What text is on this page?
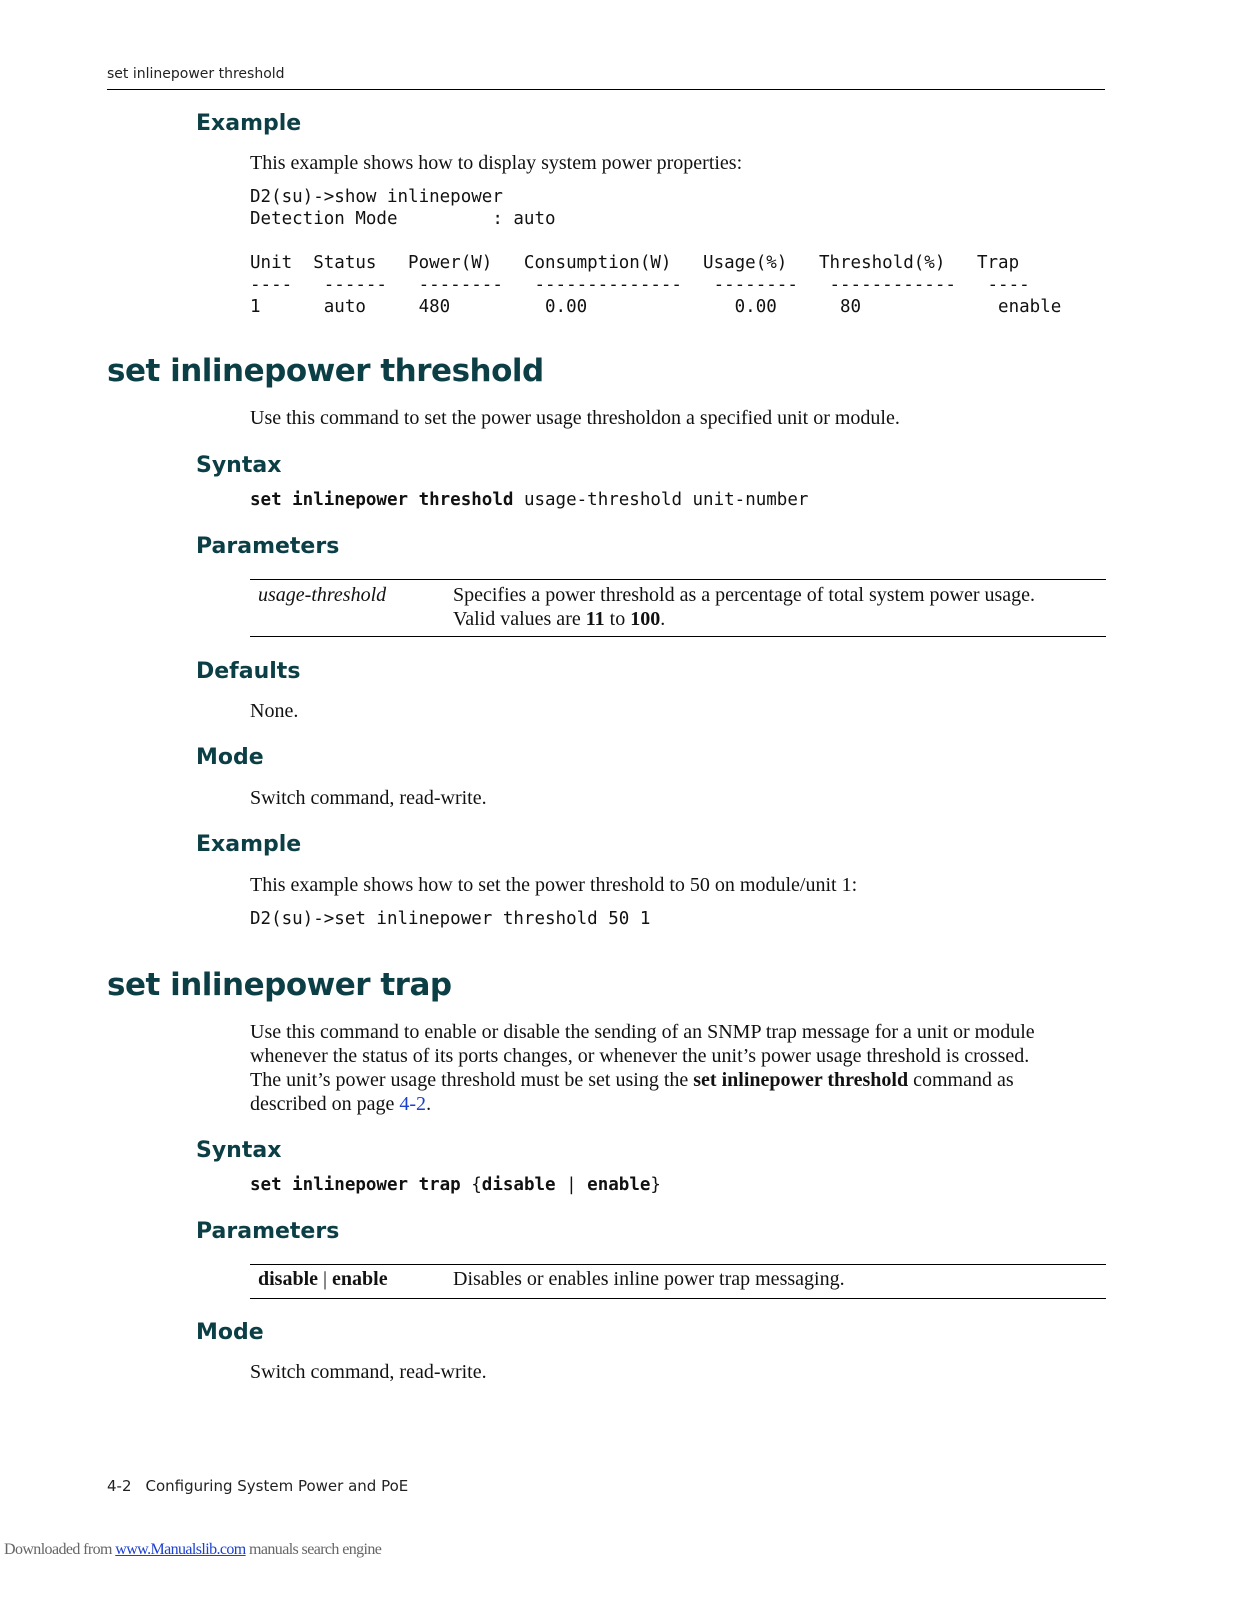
set inlinepower threshold
Example
This example shows how to display system power properties:
D2(su)->show inlinepower
Detection Mode         : auto
Unit  Status   Power(W)   Consumption(W)   Usage(%)   Threshold(%)   Trap
----   ------   --------   --------------   --------   ------------   ----
1      auto     480         0.00              0.00      80             enable
set inlinepower threshold
Use this command to set the power usage thresholdon a specified unit or module.
Syntax
set inlinepower threshold usage-threshold unit-number
Parameters
usage-threshold	Specifies a power threshold as a percentage of total system power usage.
Valid values are 11 to 100.
Defaults
None.
Mode
Switch command, read-write.
Example
This example shows how to set the power threshold to 50 on module/unit 1:
D2(su)->set inlinepower threshold 50 1
set inlinepower trap
Use this command to enable or disable the sending of an SNMP trap message for a unit or module
whenever the status of its ports changes, or whenever the unit’s power usage threshold is crossed.
The unit’s power usage threshold must be set using the set inlinepower threshold command as
described on page 4-2.
Syntax
set inlinepower trap {disable | enable}
Parameters
disable | enable	Disables or enables inline power trap messaging.
Mode
Switch command, read-write.
4-2 Configuring System Power and PoE
Downloaded from www.Manualslib.com manuals search engine
